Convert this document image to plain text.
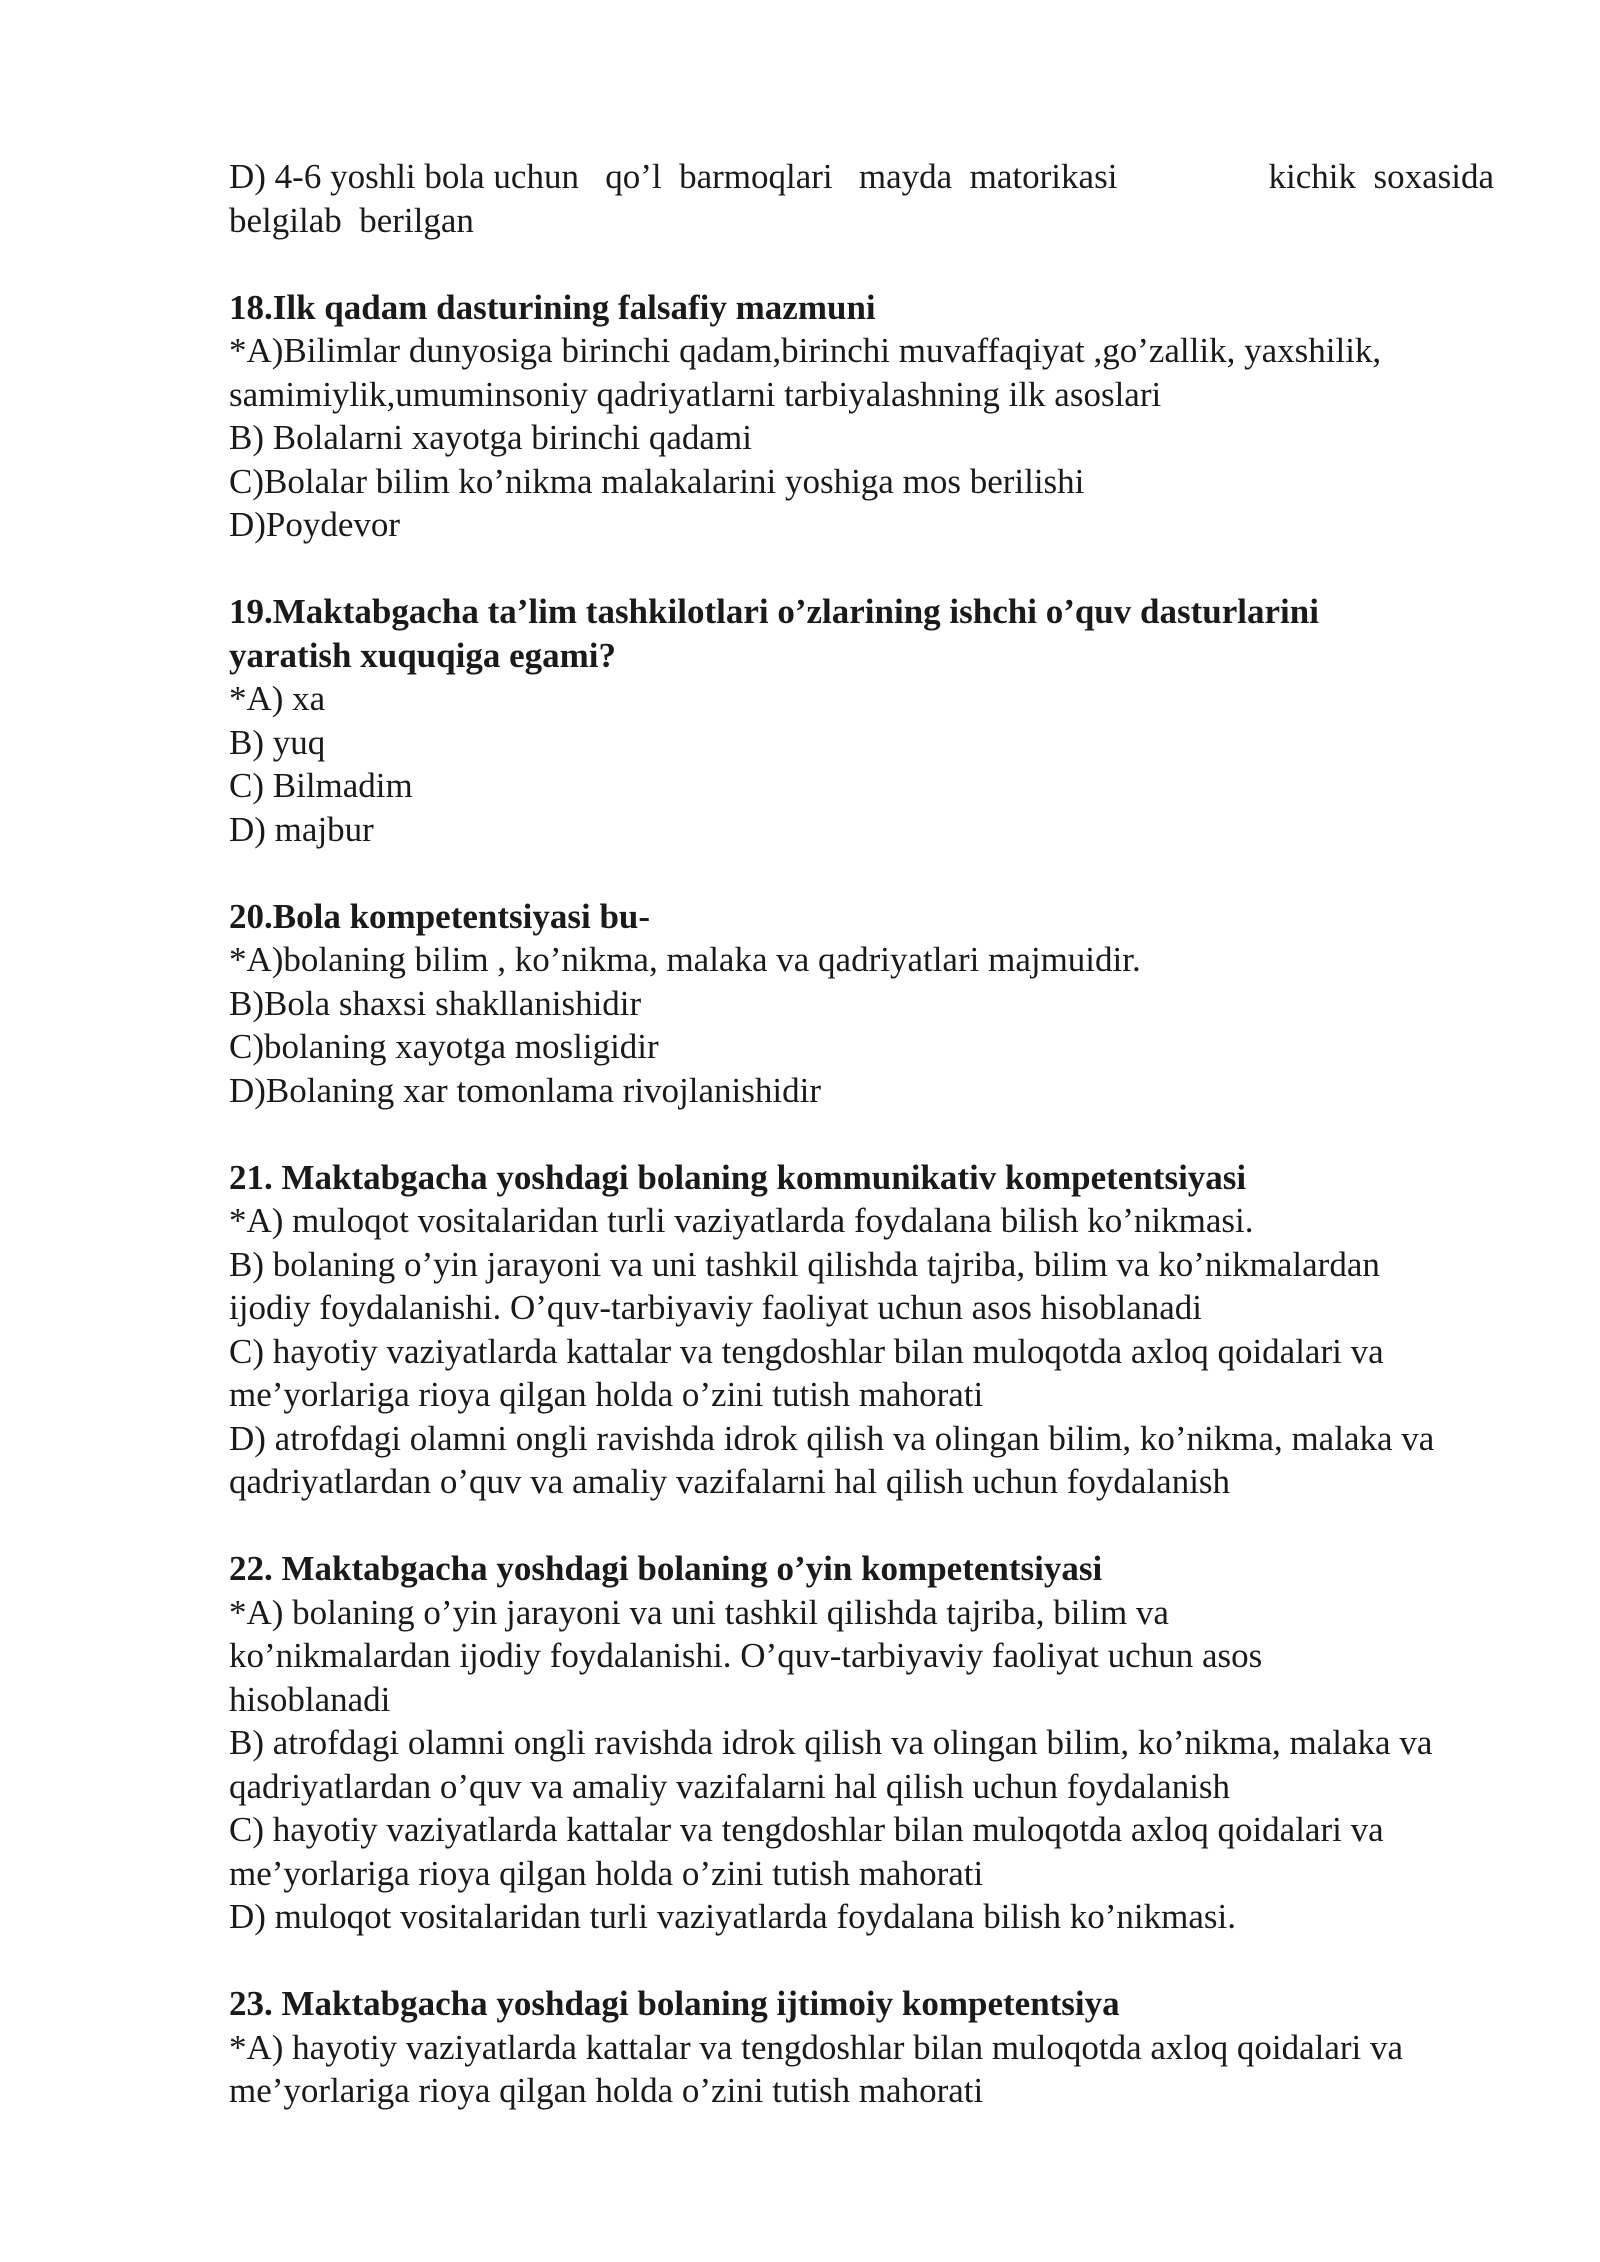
D) 4-6 yoshli bola uchun   qo’l  barmoqlari   mayda  matorikasi	kichik  soxasida

belgilab  berilgan

18.Ilk qadam dasturining falsafiy mazmuni

*A)Bilimlar dunyosiga birinchi qadam,birinchi muvaffaqiyat ,go’zallik, yaxshilik, samimiylik,umuminsoniy qadriyatlarni tarbiyalashning ilk asoslari

B) Bolalarni xayotga birinchi qadami

C)Bolalar bilim ko’nikma malakalarini yoshiga mos berilishi

D)Poydevor

19.Maktabgacha ta’lim tashkilotlari o’zlarining ishchi o’quv dasturlarini yaratish xuquqiga egami?

*A) xa

B) yuq

C) Bilmadim

D) majbur

20.Bola kompetentsiyasi bu-

*A)bolaning bilim , ko’nikma, malaka va qadriyatlari majmuidir.

B)Bola shaxsi shakllanishidir

C)bolaning xayotga mosligidir

D)Bolaning xar tomonlama rivojlanishidir

21. Maktabgacha yoshdagi bolaning kommunikativ kompetentsiyasi

*A) muloqot vositalaridan turli vaziyatlarda foydalana bilish ko’nikmasi.

B) bolaning o’yin jarayoni va uni tashkil qilishda tajriba, bilim va ko’nikmalardan ijodiy foydalanishi. O’quv-tarbiyaviy faoliyat uchun asos hisoblanadi

C) hayotiy vaziyatlarda kattalar va tengdoshlar bilan muloqotda axloq qoidalari va me’yorlariga rioya qilgan holda o’zini tutish mahorati

D) atrofdagi olamni ongli ravishda idrok qilish va olingan bilim, ko’nikma, malaka va qadriyatlardan o’quv va amaliy vazifalarni hal qilish uchun foydalanish

22. Maktabgacha yoshdagi bolaning o’yin kompetentsiyasi

*A) bolaning o’yin jarayoni va uni tashkil qilishda tajriba, bilim va ko’nikmalardan ijodiy foydalanishi. O’quv-tarbiyaviy faoliyat uchun asos hisoblanadi

B) atrofdagi olamni ongli ravishda idrok qilish va olingan bilim, ko’nikma, malaka va qadriyatlardan o’quv va amaliy vazifalarni hal qilish uchun foydalanish

C) hayotiy vaziyatlarda kattalar va tengdoshlar bilan muloqotda axloq qoidalari va me’yorlariga rioya qilgan holda o’zini tutish mahorati

D) muloqot vositalaridan turli vaziyatlarda foydalana bilish ko’nikmasi.

23. Maktabgacha yoshdagi bolaning ijtimoiy kompetentsiya

*A) hayotiy vaziyatlarda kattalar va tengdoshlar bilan muloqotda axloq qoidalari va me’yorlariga rioya qilgan holda o’zini tutish mahorati
